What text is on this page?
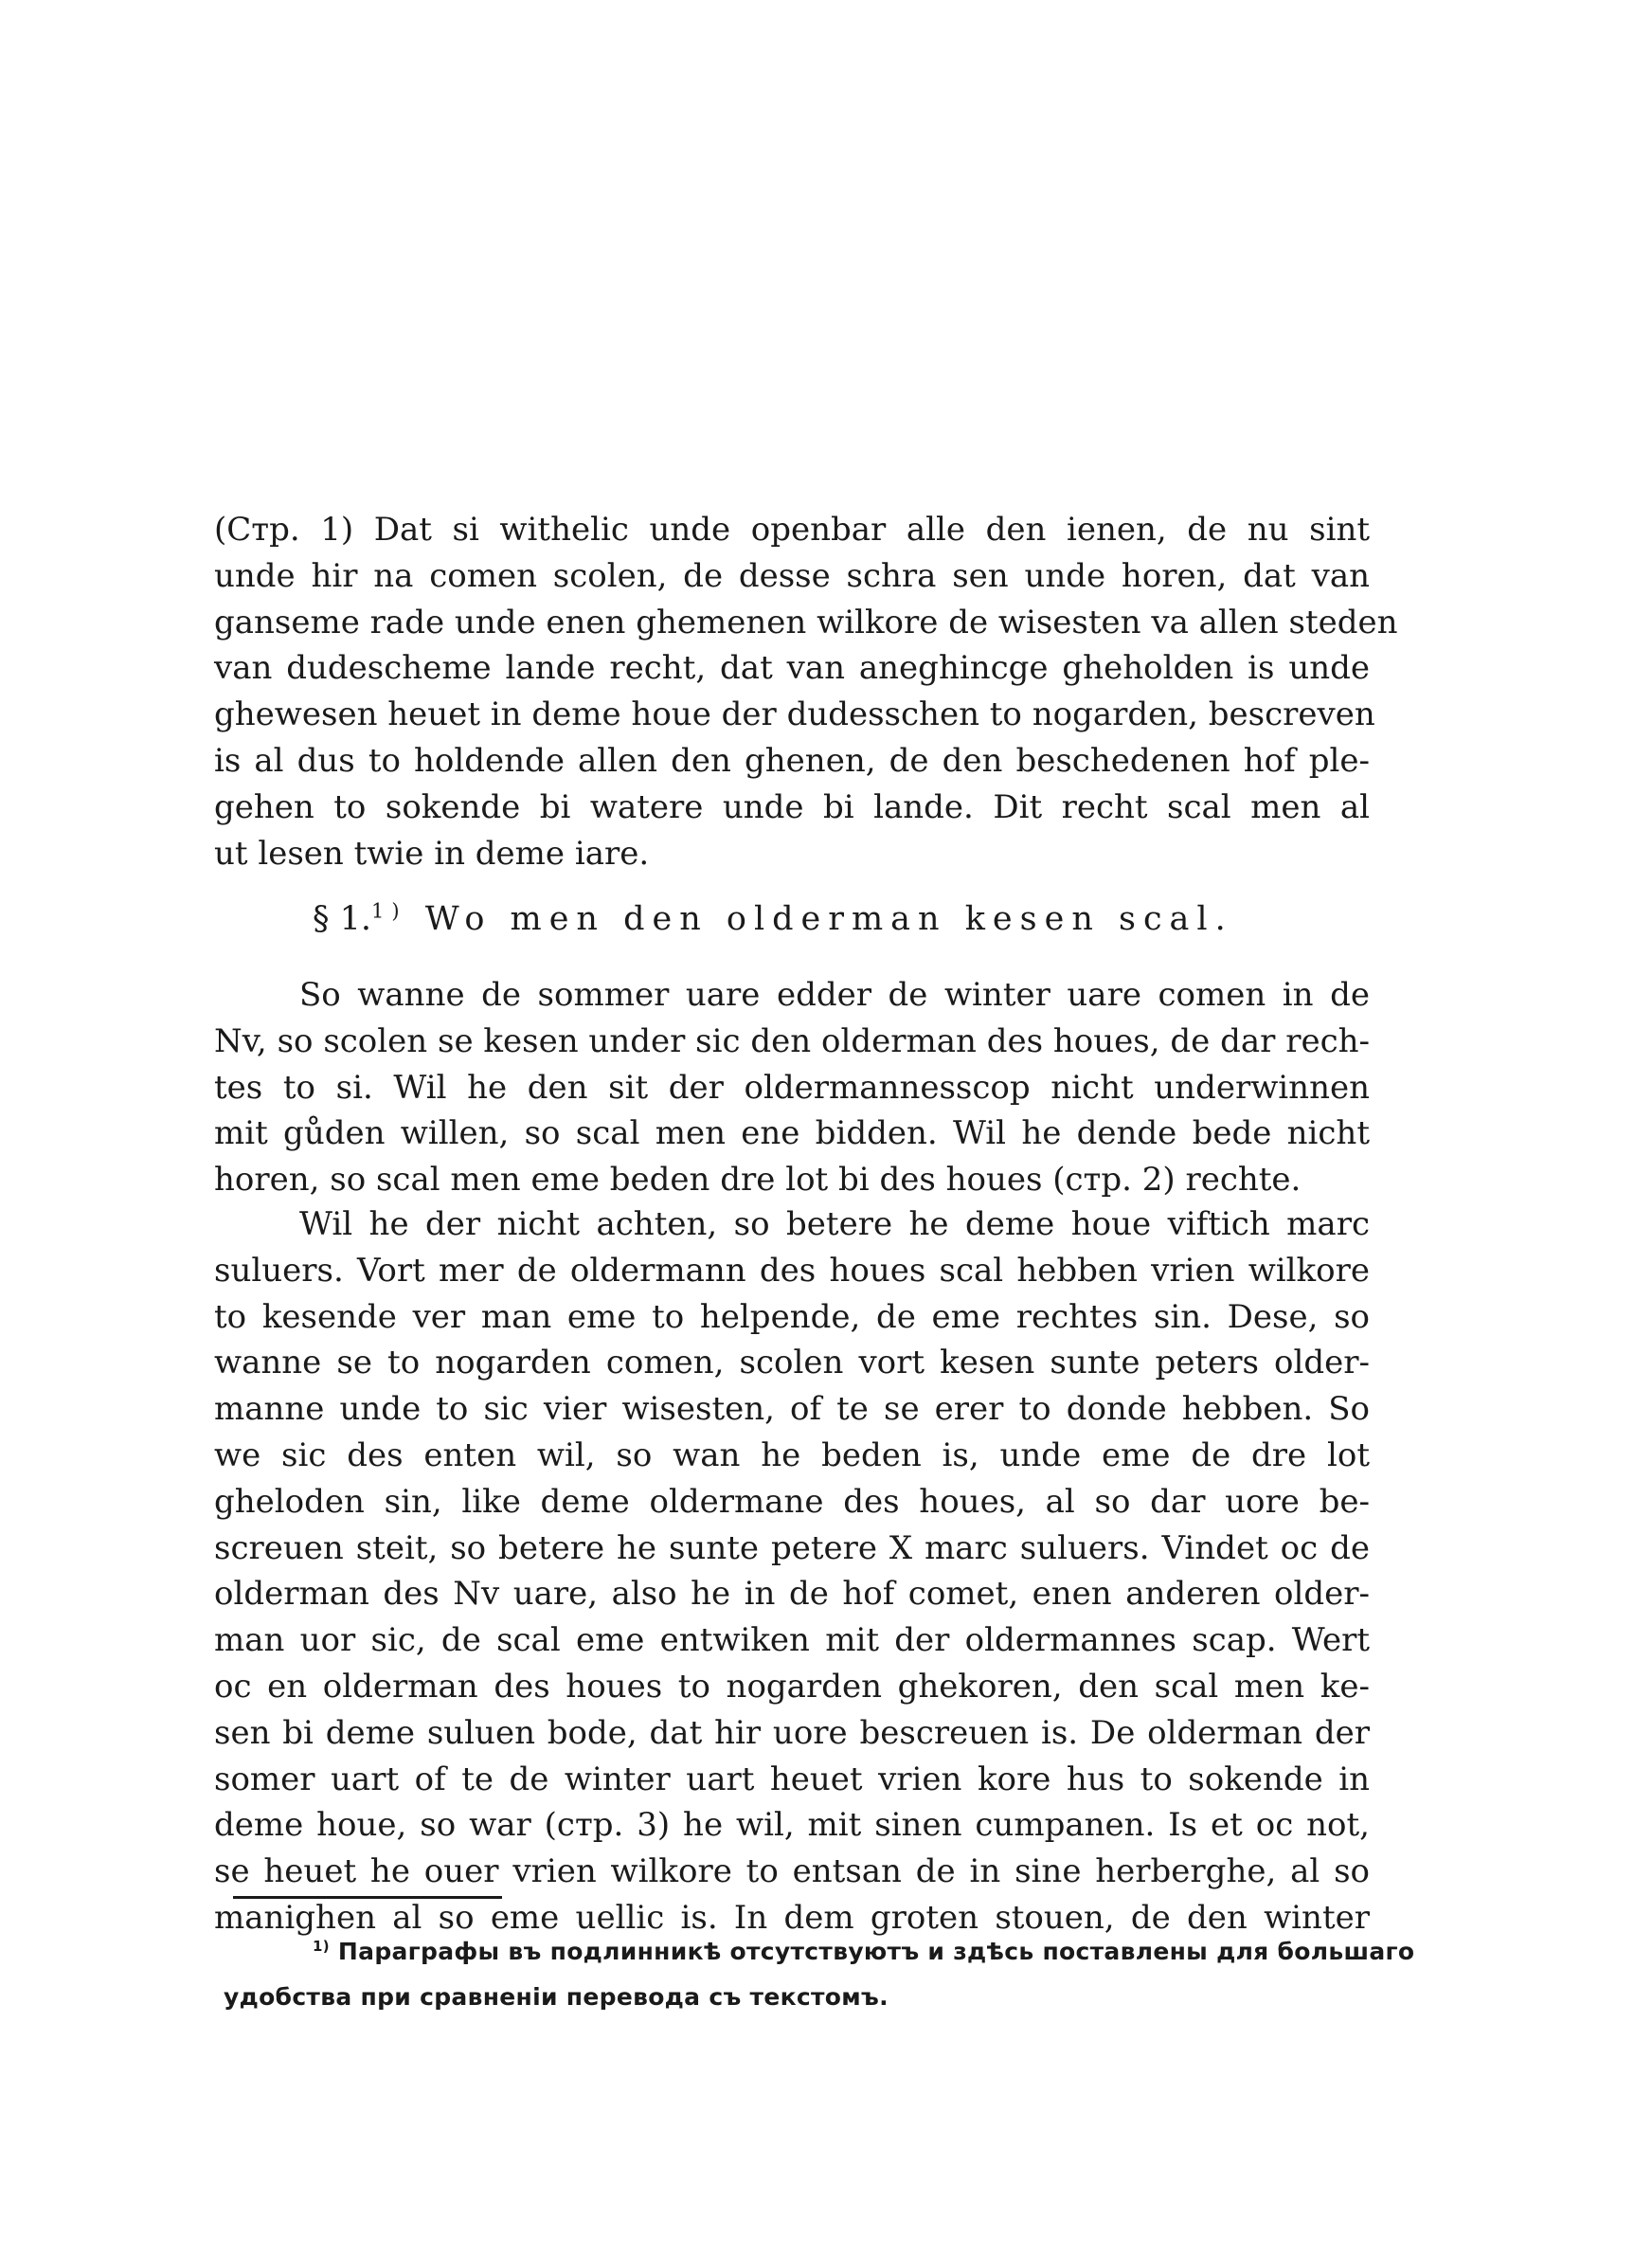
(Стр. 1) Dat si withelic unde openbar alle den ienen, de nu sint
unde hir na comen scolen, de desse schra sen unde horen, dat van
ganseme rade unde enen ghemenen wilkore de wisesten va allen steden
van dudescheme lande recht, dat van aneghincge gheholden is unde
ghewesen heuet in deme houe der dudesschen to nogarden, bescreven
is al dus to holdende allen den ghenen, de den beschedenen hof ple-
gehen to sokende bi watere unde bi lande. Dit recht scal men al
ut lesen twie in deme iare.
§ 1.$^{1)}$ Wo men den olderman kesen scal.
So wanne de sommer uare edder de winter uare comen in de
Nv, so scolen se kesen under sic den olderman des houes, de dar rech-
tes to si. Wil he den sit der oldermannesscop nicht underwinnen
mit gůden willen, so scal men ene bidden. Wil he dende bede nicht
horen, so scal men eme beden dre lot bi des houes (стр. 2) rechte.
Wil he der nicht achten, so betere he deme houe viftich marc
suluers. Vort mer de oldermann des houes scal hebben vrien wilkore
to kesende ver man eme to helpende, de eme rechtes sin. Dese, so
wanne se to nogarden comen, scolen vort kesen sunte peters older-
manne unde to sic vier wisesten, of te se erer to donde hebben. So
we sic des enten wil, so wan he beden is, unde eme de dre lot
gheloden sin, like deme oldermane des houes, al so dar uore be-
screuen steit, so betere he sunte petere X marc suluers. Vindet oc de
olderman des Nv uare, also he in de hof comet, enen anderen older-
man uor sic, de scal eme entwiken mit der oldermannes scap. Wert
oc en olderman des houes to nogarden ghekoren, den scal men ke-
sen bi deme suluen bode, dat hir uore bescreuen is. De olderman der
somer uart of te de winter uart heuet vrien kore hus to sokende in
deme houe, so war (стр. 3) he wil, mit sinen cumpanen. Is et oc not,
se heuet he ouer vrien wilkore to entsan de in sine herberghe, al so
manighen al so eme uellic is. In dem groten stouen, de den winter
$^{1)}$ Параграфы въ подлинникѣ отсутствуютъ и здѣсь поставлены для большаго
удобства при сравненіи перевода съ текстомъ.
